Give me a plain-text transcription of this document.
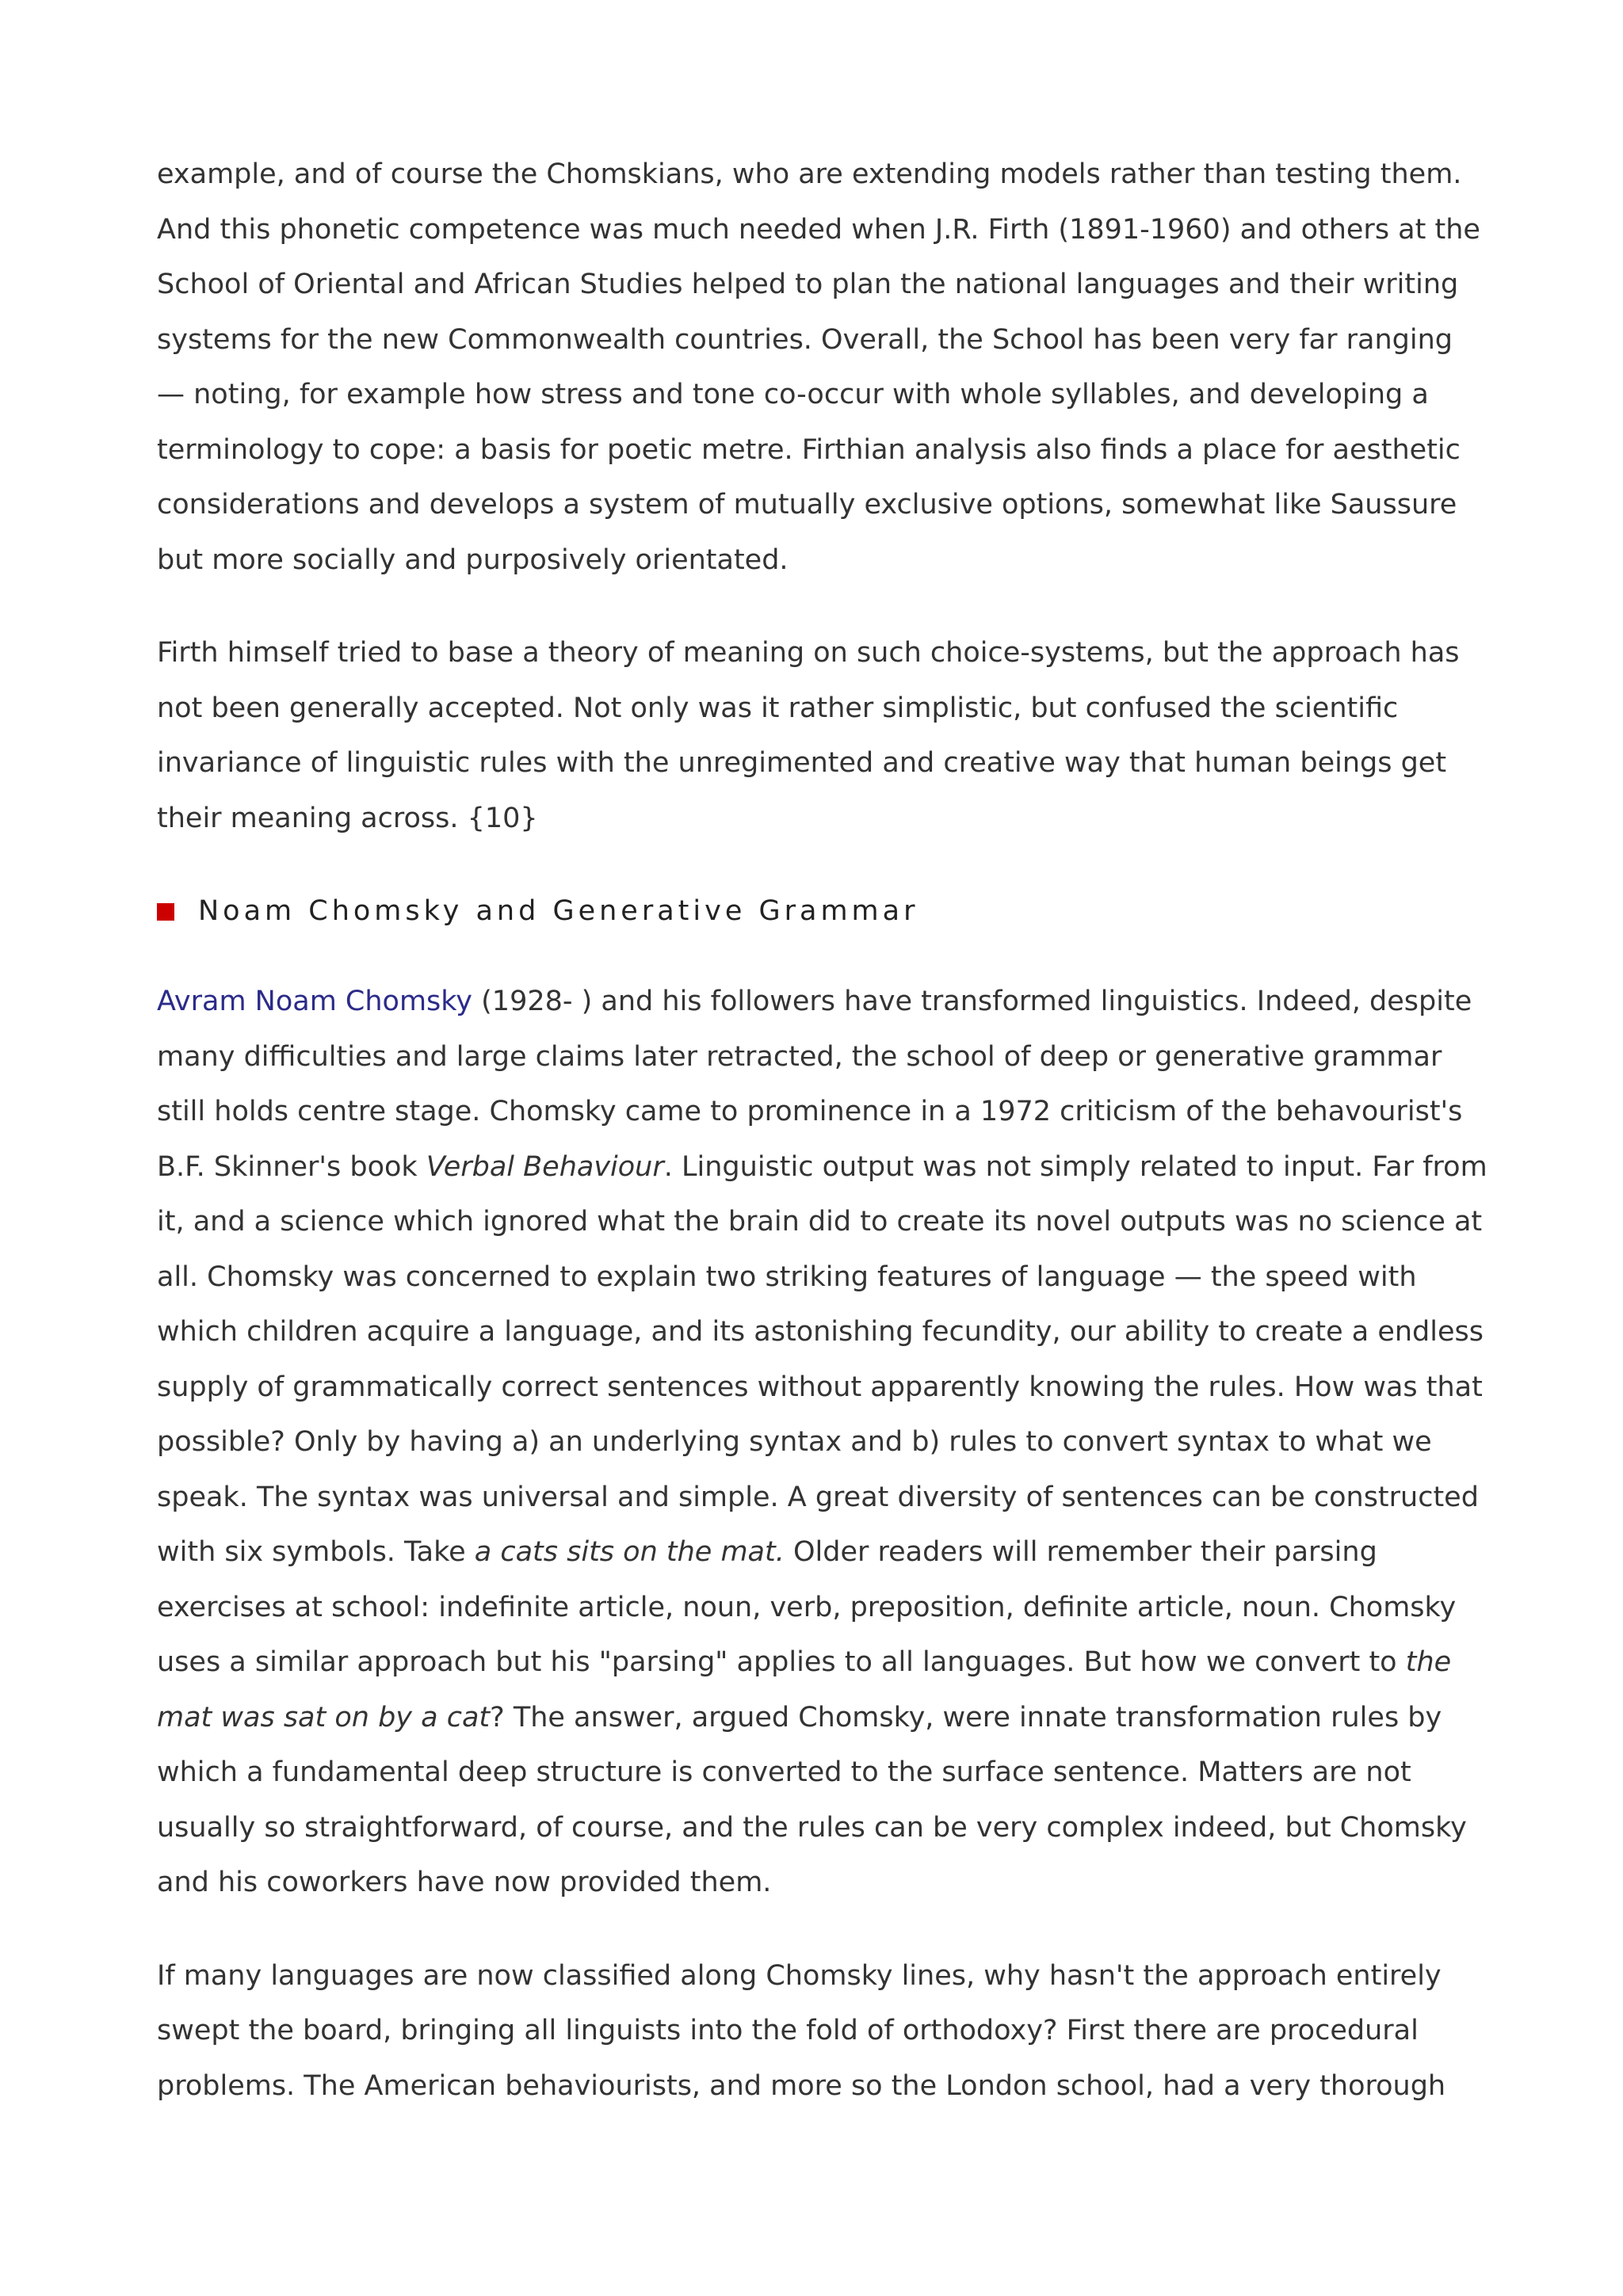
example, and of course the Chomskians, who are extending models rather than testing them. And this phonetic competence was much needed when J.R. Firth (1891-1960) and others at the School of Oriental and African Studies helped to plan the national languages and their writing systems for the new Commonwealth countries. Overall, the School has been very far ranging — noting, for example how stress and tone co-occur with whole syllables, and developing a terminology to cope: a basis for poetic metre. Firthian analysis also finds a place for aesthetic considerations and develops a system of mutually exclusive options, somewhat like Saussure but more socially and purposively orientated.

Firth himself tried to base a theory of meaning on such choice-systems, but the approach has not been generally accepted. Not only was it rather simplistic, but confused the scientific invariance of linguistic rules with the unregimented and creative way that human beings get their meaning across. {10}

Noam Chomsky and Generative Grammar

Avram Noam Chomsky (1928- ) and his followers have transformed linguistics. Indeed, despite many difficulties and large claims later retracted, the school of deep or generative grammar still holds centre stage. Chomsky came to prominence in a 1972 criticism of the behavourist's B.F. Skinner's book Verbal Behaviour. Linguistic output was not simply related to input. Far from it, and a science which ignored what the brain did to create its novel outputs was no science at all. Chomsky was concerned to explain two striking features of language — the speed with which children acquire a language, and its astonishing fecundity, our ability to create a endless supply of grammatically correct sentences without apparently knowing the rules. How was that possible? Only by having a) an underlying syntax and b) rules to convert syntax to what we speak. The syntax was universal and simple. A great diversity of sentences can be constructed with six symbols. Take a cats sits on the mat. Older readers will remember their parsing exercises at school: indefinite article, noun, verb, preposition, definite article, noun. Chomsky uses a similar approach but his "parsing" applies to all languages. But how we convert to the mat was sat on by a cat? The answer, argued Chomsky, were innate transformation rules by which a fundamental deep structure is converted to the surface sentence. Matters are not usually so straightforward, of course, and the rules can be very complex indeed, but Chomsky and his coworkers have now provided them.

If many languages are now classified along Chomsky lines, why hasn't the approach entirely swept the board, bringing all linguists into the fold of orthodoxy? First there are procedural problems. The American behaviourists, and more so the London school, had a very thorough
